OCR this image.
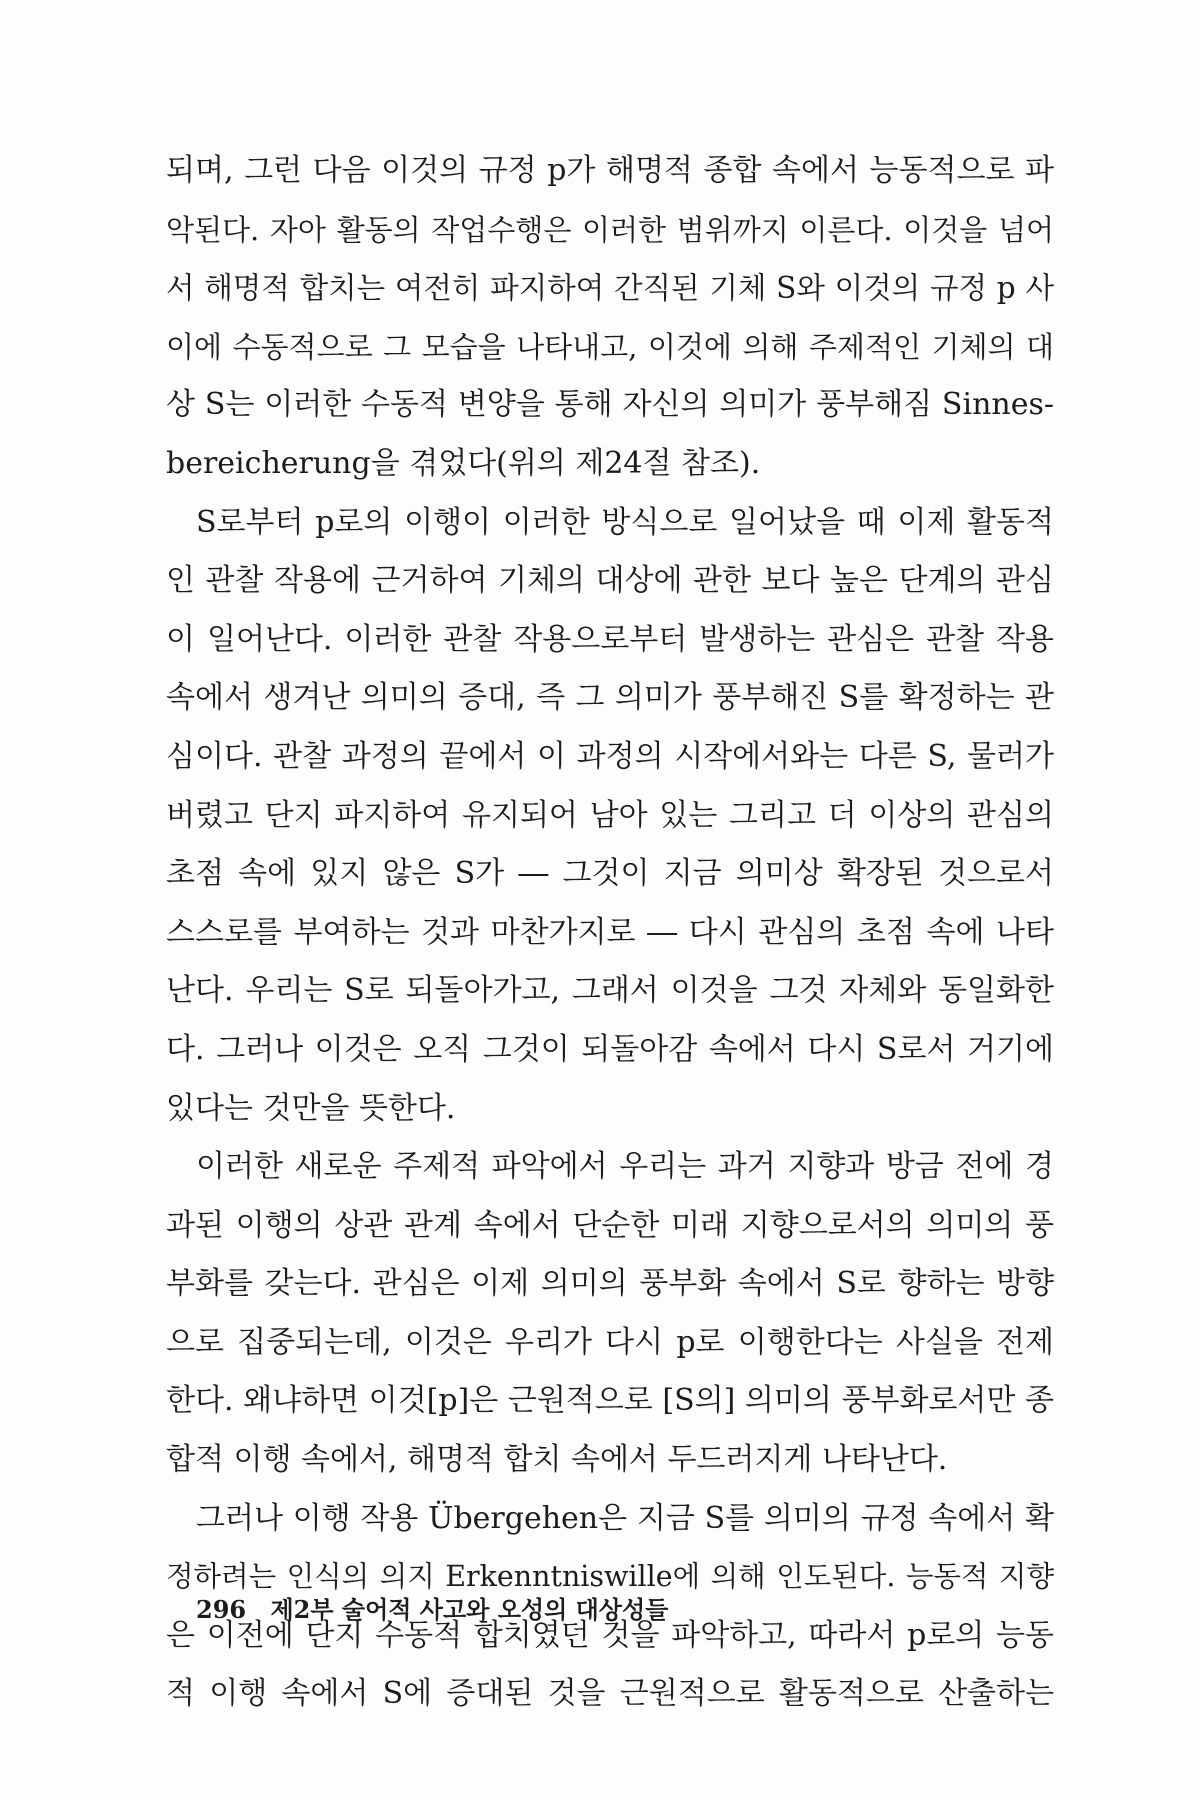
되며, 그런 다음 이것의 규정 p가 해명적 종합 속에서 능동적으로 파
악된다. 자아 활동의 작업수행은 이러한 범위까지 이른다. 이것을 넘어
서 해명적 합치는 여전히 파지하여 간직된 기체 S와 이것의 규정 p 사
이에 수동적으로 그 모습을 나타내고, 이것에 의해 주제적인 기체의 대
상 S는 이러한 수동적 변양을 통해 자신의 의미가 풍부해짐 Sinnes-
bereicherung을 겪었다(위의 제24절 참조).
S로부터 p로의 이행이 이러한 방식으로 일어났을 때 이제 활동적
인 관찰 작용에 근거하여 기체의 대상에 관한 보다 높은 단계의 관심
이 일어난다. 이러한 관찰 작용으로부터 발생하는 관심은 관찰 작용
속에서 생겨난 의미의 증대, 즉 그 의미가 풍부해진 S를 확정하는 관
심이다. 관찰 과정의 끝에서 이 과정의 시작에서와는 다른 S, 물러가
버렸고 단지 파지하여 유지되어 남아 있는 그리고 더 이상의 관심의
초점 속에 있지 않은 S가 ― 그것이 지금 의미상 확장된 것으로서
스스로를 부여하는 것과 마찬가지로 ― 다시 관심의 초점 속에 나타
난다. 우리는 S로 되돌아가고, 그래서 이것을 그것 자체와 동일화한
다. 그러나 이것은 오직 그것이 되돌아감 속에서 다시 S로서 거기에
있다는 것만을 뜻한다.
이러한 새로운 주제적 파악에서 우리는 과거 지향과 방금 전에 경
과된 이행의 상관 관계 속에서 단순한 미래 지향으로서의 의미의 풍
부화를 갖는다. 관심은 이제 의미의 풍부화 속에서 S로 향하는 방향
으로 집중되는데, 이것은 우리가 다시 p로 이행한다는 사실을 전제
한다. 왜냐하면 이것[p]은 근원적으로 [S의] 의미의 풍부화로서만 종
합적 이행 속에서, 해명적 합치 속에서 두드러지게 나타난다.
그러나 이행 작용 Übergehen은 지금 S를 의미의 규정 속에서 확
정하려는 인식의 의지 Erkenntniswille에 의해 인도된다. 능동적 지향
은 이전에 단지 수동적 합치였던 것을 파악하고, 따라서 p로의 능동
적 이행 속에서 S에 증대된 것을 근원적으로 활동적으로 산출하는
296 제2부 술어적 사고와 오성의 대상성들
